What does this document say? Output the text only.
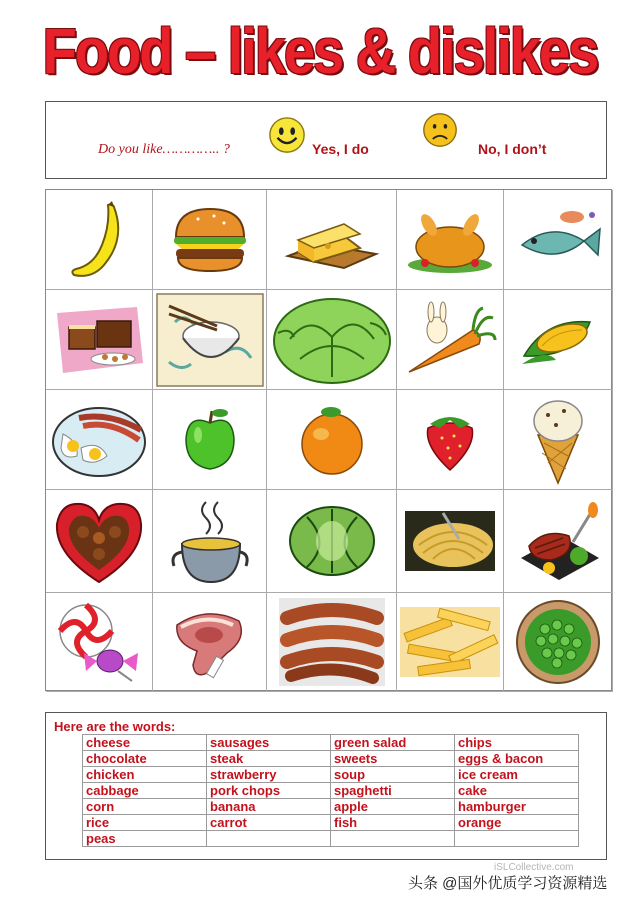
Food – likes & dislikes
Do you like………….. ?	Yes, I do	No, I don’t
Here are the words:
cheese	sausages	green salad	chips
chocolate	steak	sweets	eggs & bacon
chicken	strawberry	soup	ice cream
cabbage	pork chops	spaghetti	cake
corn	banana	apple	hamburger
rice	carrot	fish	orange
peas			
iSLCollective.com
头条 @国外优质学习资源精选
